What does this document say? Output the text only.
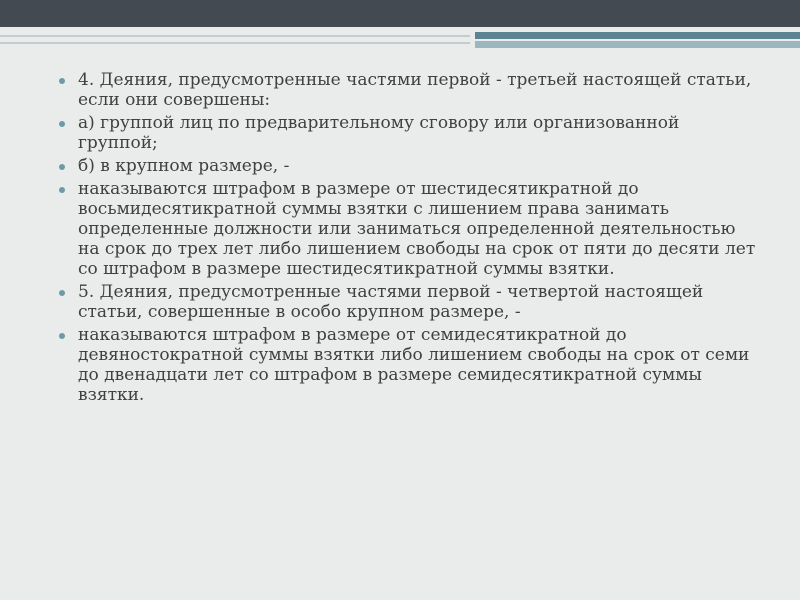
4. Деяния, предусмотренные частями первой - третьей настоящей статьи, если они совершены:
а) группой лиц по предварительному сговору или организованной группой;
б) в крупном размере, -
наказываются штрафом в размере от шестидесятикратной до восьмидесятикратной суммы взятки с лишением права занимать определенные должности или заниматься определенной деятельностью на срок до трех лет либо лишением свободы на срок от пяти до десяти лет со штрафом в размере шестидесятикратной суммы взятки.
5. Деяния, предусмотренные частями первой - четвертой настоящей статьи, совершенные в особо крупном размере, -
наказываются штрафом в размере от семидесятикратной до девяностократной суммы взятки либо лишением свободы на срок от семи до двенадцати лет со штрафом в размере семидесятикратной суммы взятки.
